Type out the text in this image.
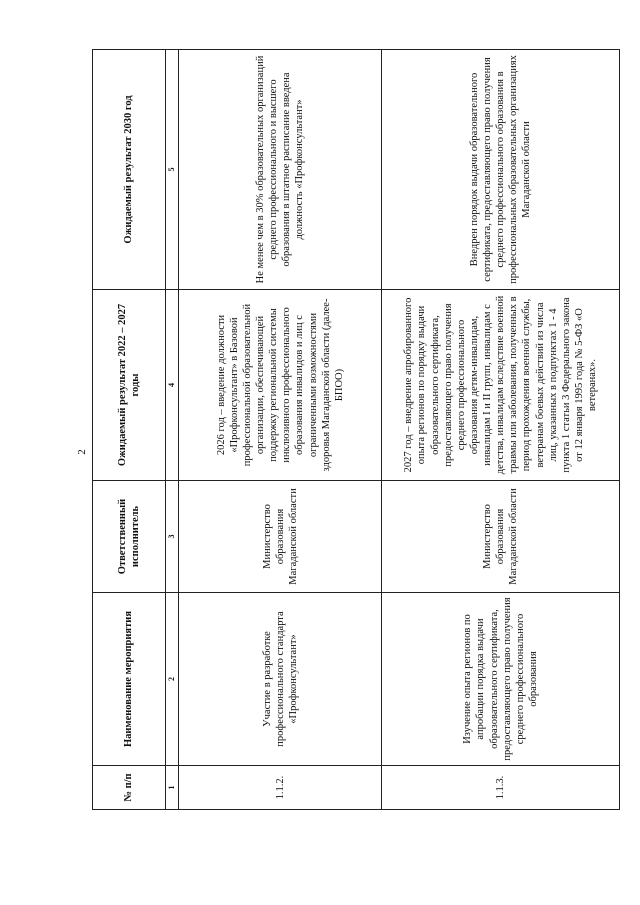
2
№ п/п	Наименование мероприятия	Ответственный исполнитель	Ожидаемый результат 2022 – 2027 годы	Ожидаемый результат 2030 год
1	2	3	4	5
1.1.2.	Участие в разработке профессионального стандарта «Профконсультант»	Министерство образования Магаданской области	2026 год – введение должности «Профконсультант» в Базовой профессиональной образовательной организации, обеспечивающей поддержку региональной системы инклюзивного профессионального образования инвалидов и лиц с ограниченными возможностями здоровья Магаданской области (далее- БПОО)	Не менее чем в 30% образовательных организаций среднего профессионального и высшего образования в штатное расписание введена должность «Профконсультант»
1.1.3.	Изучение опыта регионов по апробации порядка выдачи образовательного сертификата, предоставляющего право получения среднего профессионального образования	Министерство образования Магаданской области	2027 год – внедрение апробированного опыта регионов по порядку выдачи образовательного сертификата, предоставляющего право получения среднего профессионального образования детям-инвалидам, инвалидам I и II групп, инвалидам с детства, инвалидам вследствие военной травмы или заболевания, полученных в период прохождения военной службы, ветеранам боевых действий из числа лиц, указанных в подпунктах 1 - 4 пункта 1 статьи 3 Федерального закона от 12 января 1995 года № 5-ФЗ «О ветеранах».	Внедрен порядок выдачи образовательного сертификата, предоставляющего право получения среднего профессионального образования в профессиональных образовательных организациях Магаданской области
